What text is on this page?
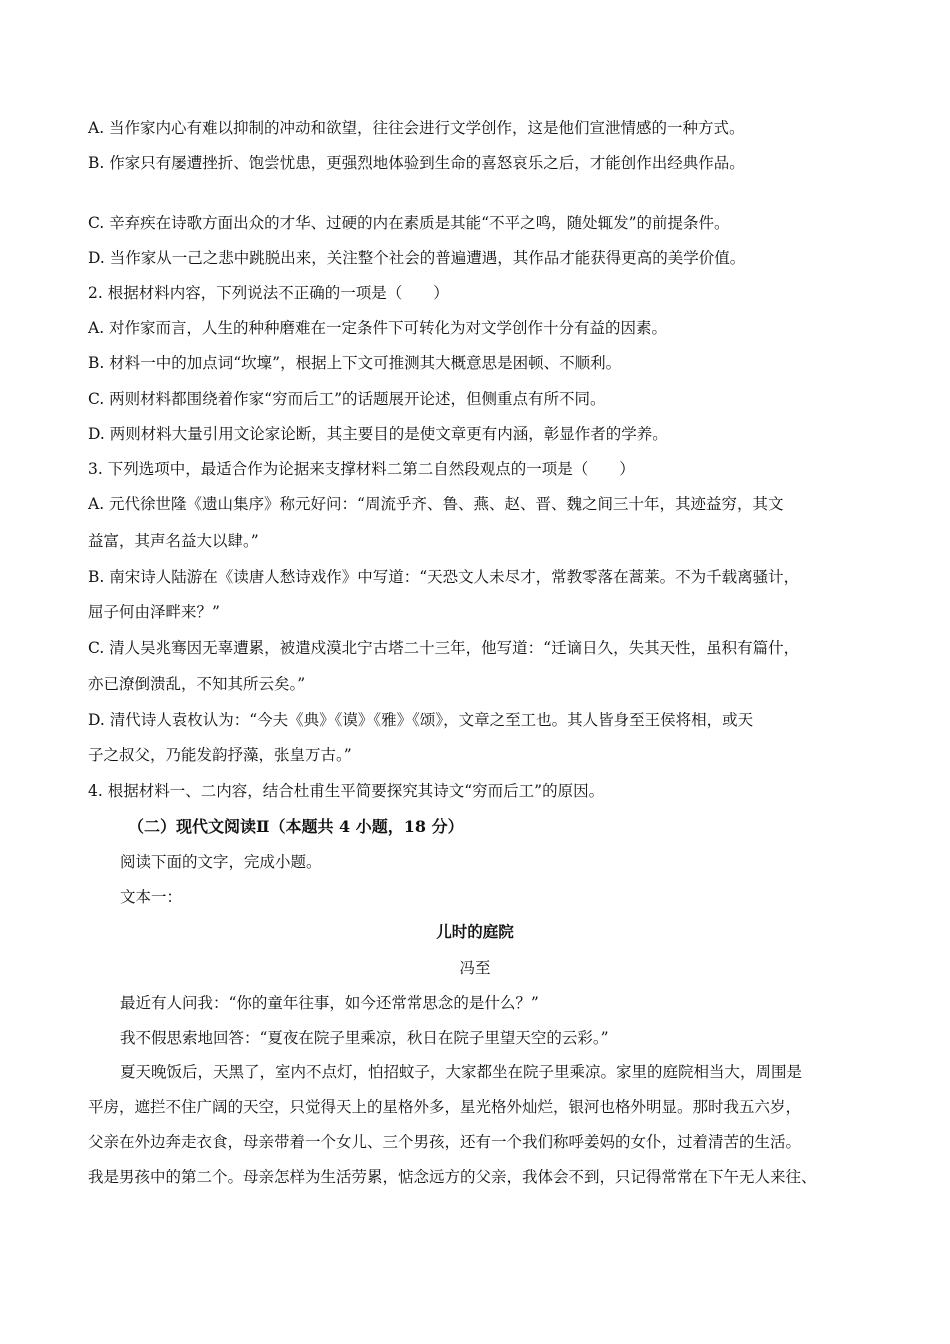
A. 当作家内心有难以抑制的冲动和欲望，往往会进行文学创作，这是他们宣泄情感的一种方式。
B. 作家只有屡遭挫折、饱尝忧患，更强烈地体验到生命的喜怒哀乐之后，才能创作出经典作品。
C. 辛弃疾在诗歌方面出众的才华、过硬的内在素质是其能“不平之鸣，随处辄发”的前提条件。
D. 当作家从一己之悲中跳脱出来，关注整个社会的普遍遭遇，其作品才能获得更高的美学价值。
2. 根据材料内容，下列说法不正确的一项是（　　）
A. 对作家而言，人生的种种磨难在一定条件下可转化为对文学创作十分有益的因素。
B. 材料一中的加点词“坎壈”，根据上下文可推测其大概意思是困顿、不顺利。
C. 两则材料都围绕着作家“穷而后工”的话题展开论述，但侧重点有所不同。
D. 两则材料大量引用文论家论断，其主要目的是使文章更有内涵，彰显作者的学养。
3. 下列选项中，最适合作为论据来支撑材料二第二自然段观点的一项是（　　）
A. 元代徐世隆《遗山集序》称元好问：“周流乎齐、鲁、燕、赵、晋、魏之间三十年，其迹益穷，其文
益富，其声名益大以肆。”
B. 南宋诗人陆游在《读唐人愁诗戏作》中写道：“天恐文人未尽才，常教零落在蒿莱。不为千载离骚计，
屈子何由泽畔来？”
C. 清人吴兆骞因无辜遭累，被遣戍漠北宁古塔二十三年，他写道：“迁谪日久，失其天性，虽积有篇什，
亦已潦倒溃乱，不知其所云矣。”
D. 清代诗人袁枚认为：“今夫《典》《谟》《雅》《颂》，文章之至工也。其人皆身至王侯将相，或天
子之叔父，乃能发韵抒藻，张皇万古。”
4. 根据材料一、二内容，结合杜甫生平简要探究其诗文“穷而后工”的原因。
（二）现代文阅读Ⅱ（本题共 4 小题，18 分）
阅读下面的文字，完成小题。
文本一：
儿时的庭院
冯至
最近有人问我：“你的童年往事，如今还常常思念的是什么？”
我不假思索地回答：“夏夜在院子里乘凉，秋日在院子里望天空的云彩。”
夏天晚饭后，天黑了，室内不点灯，怕招蚊子，大家都坐在院子里乘凉。家里的庭院相当大，周围是
平房，遮拦不住广阔的天空，只觉得天上的星格外多，星光格外灿烂，银河也格外明显。那时我五六岁，
父亲在外边奔走衣食，母亲带着一个女儿、三个男孩，还有一个我们称呼姜妈的女仆，过着清苦的生活。
我是男孩中的第二个。母亲怎样为生活劳累，惦念远方的父亲，我体会不到，只记得常常在下午无人来往、
